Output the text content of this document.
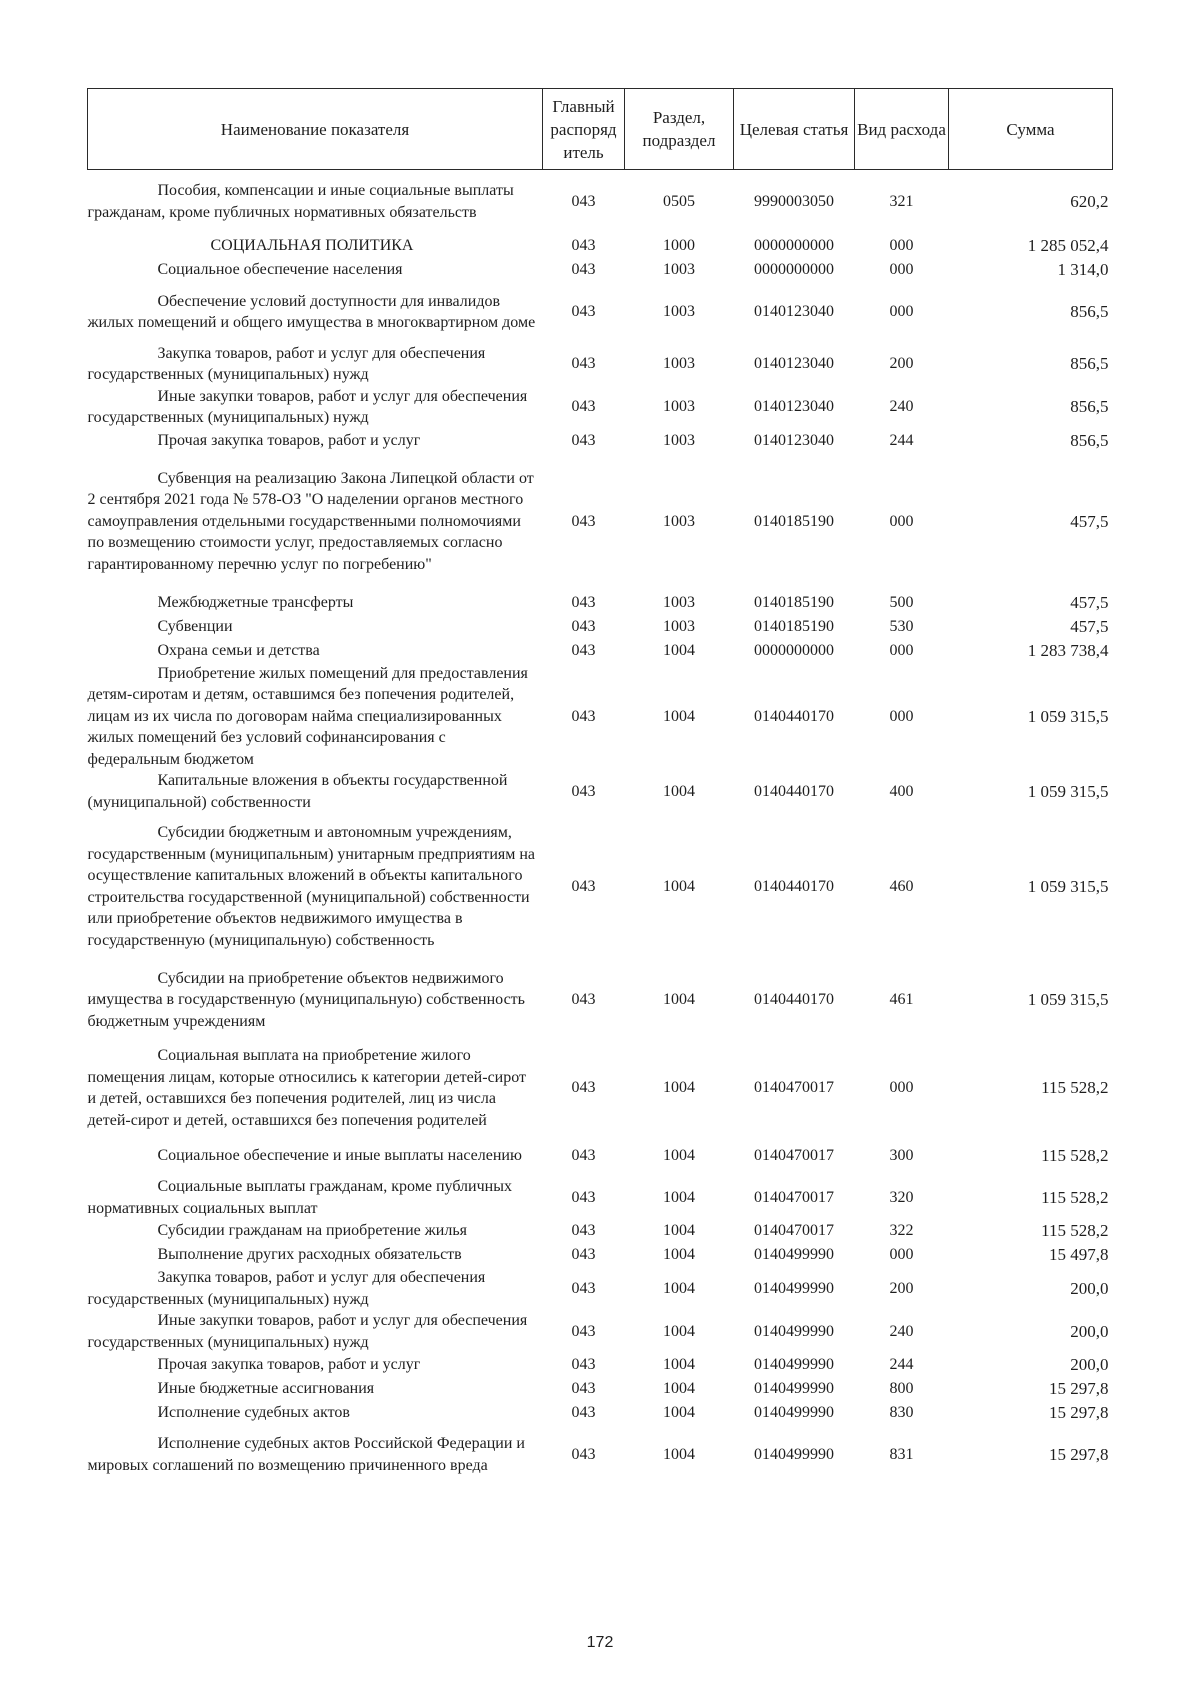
Наименование показателя	Главный распоряд итель	Раздел, подраздел	Целевая статья	Вид расхода	Сумма
Пособия, компенсации и иные социальные выплаты гражданам, кроме публичных нормативных обязательств	043	0505	9990003050	321	620,2
СОЦИАЛЬНАЯ ПОЛИТИКА	043	1000	0000000000	000	1 285 052,4
Социальное обеспечение населения	043	1003	0000000000	000	1 314,0
Обеспечение условий доступности для инвалидов жилых помещений и общего имущества в многоквартирном доме	043	1003	0140123040	000	856,5
Закупка товаров, работ и услуг для обеспечения государственных (муниципальных) нужд	043	1003	0140123040	200	856,5
Иные закупки товаров, работ и услуг для обеспечения государственных (муниципальных) нужд	043	1003	0140123040	240	856,5
Прочая закупка товаров, работ и услуг	043	1003	0140123040	244	856,5
Субвенция на реализацию Закона Липецкой области от 2 сентября 2021 года № 578-ОЗ "О наделении органов местного самоуправления отдельными государственными полномочиями по возмещению стоимости услуг, предоставляемых согласно гарантированному перечню услуг по погребению"	043	1003	0140185190	000	457,5
Межбюджетные трансферты	043	1003	0140185190	500	457,5
Субвенции	043	1003	0140185190	530	457,5
Охрана семьи и детства	043	1004	0000000000	000	1 283 738,4
Приобретение жилых помещений для предоставления детям-сиротам и детям, оставшимся без попечения родителей, лицам из их числа по договорам найма специализированных жилых помещений без условий софинансирования с федеральным бюджетом	043	1004	0140440170	000	1 059 315,5
Капитальные вложения в объекты государственной (муниципальной) собственности	043	1004	0140440170	400	1 059 315,5
Субсидии бюджетным и автономным учреждениям, государственным (муниципальным) унитарным предприятиям на осуществление капитальных вложений в объекты капитального строительства государственной (муниципальной) собственности или приобретение объектов недвижимого имущества в государственную (муниципальную) собственность	043	1004	0140440170	460	1 059 315,5
Субсидии на приобретение объектов недвижимого имущества в государственную (муниципальную) собственность бюджетным учреждениям	043	1004	0140440170	461	1 059 315,5
Социальная выплата на приобретение жилого помещения лицам, которые относились к категории детей-сирот и детей, оставшихся без попечения родителей, лиц из числа детей-сирот и детей, оставшихся без попечения родителей	043	1004	0140470017	000	115 528,2
Социальное обеспечение и иные выплаты населению	043	1004	0140470017	300	115 528,2
Социальные выплаты гражданам, кроме публичных нормативных социальных выплат	043	1004	0140470017	320	115 528,2
Субсидии гражданам на приобретение жилья	043	1004	0140470017	322	115 528,2
Выполнение других расходных обязательств	043	1004	0140499990	000	15 497,8
Закупка товаров, работ и услуг для обеспечения государственных (муниципальных) нужд	043	1004	0140499990	200	200,0
Иные закупки товаров, работ и услуг для обеспечения государственных (муниципальных) нужд	043	1004	0140499990	240	200,0
Прочая закупка товаров, работ и услуг	043	1004	0140499990	244	200,0
Иные бюджетные ассигнования	043	1004	0140499990	800	15 297,8
Исполнение судебных актов	043	1004	0140499990	830	15 297,8
Исполнение судебных актов Российской Федерации и мировых соглашений по возмещению причиненного вреда	043	1004	0140499990	831	15 297,8
172
